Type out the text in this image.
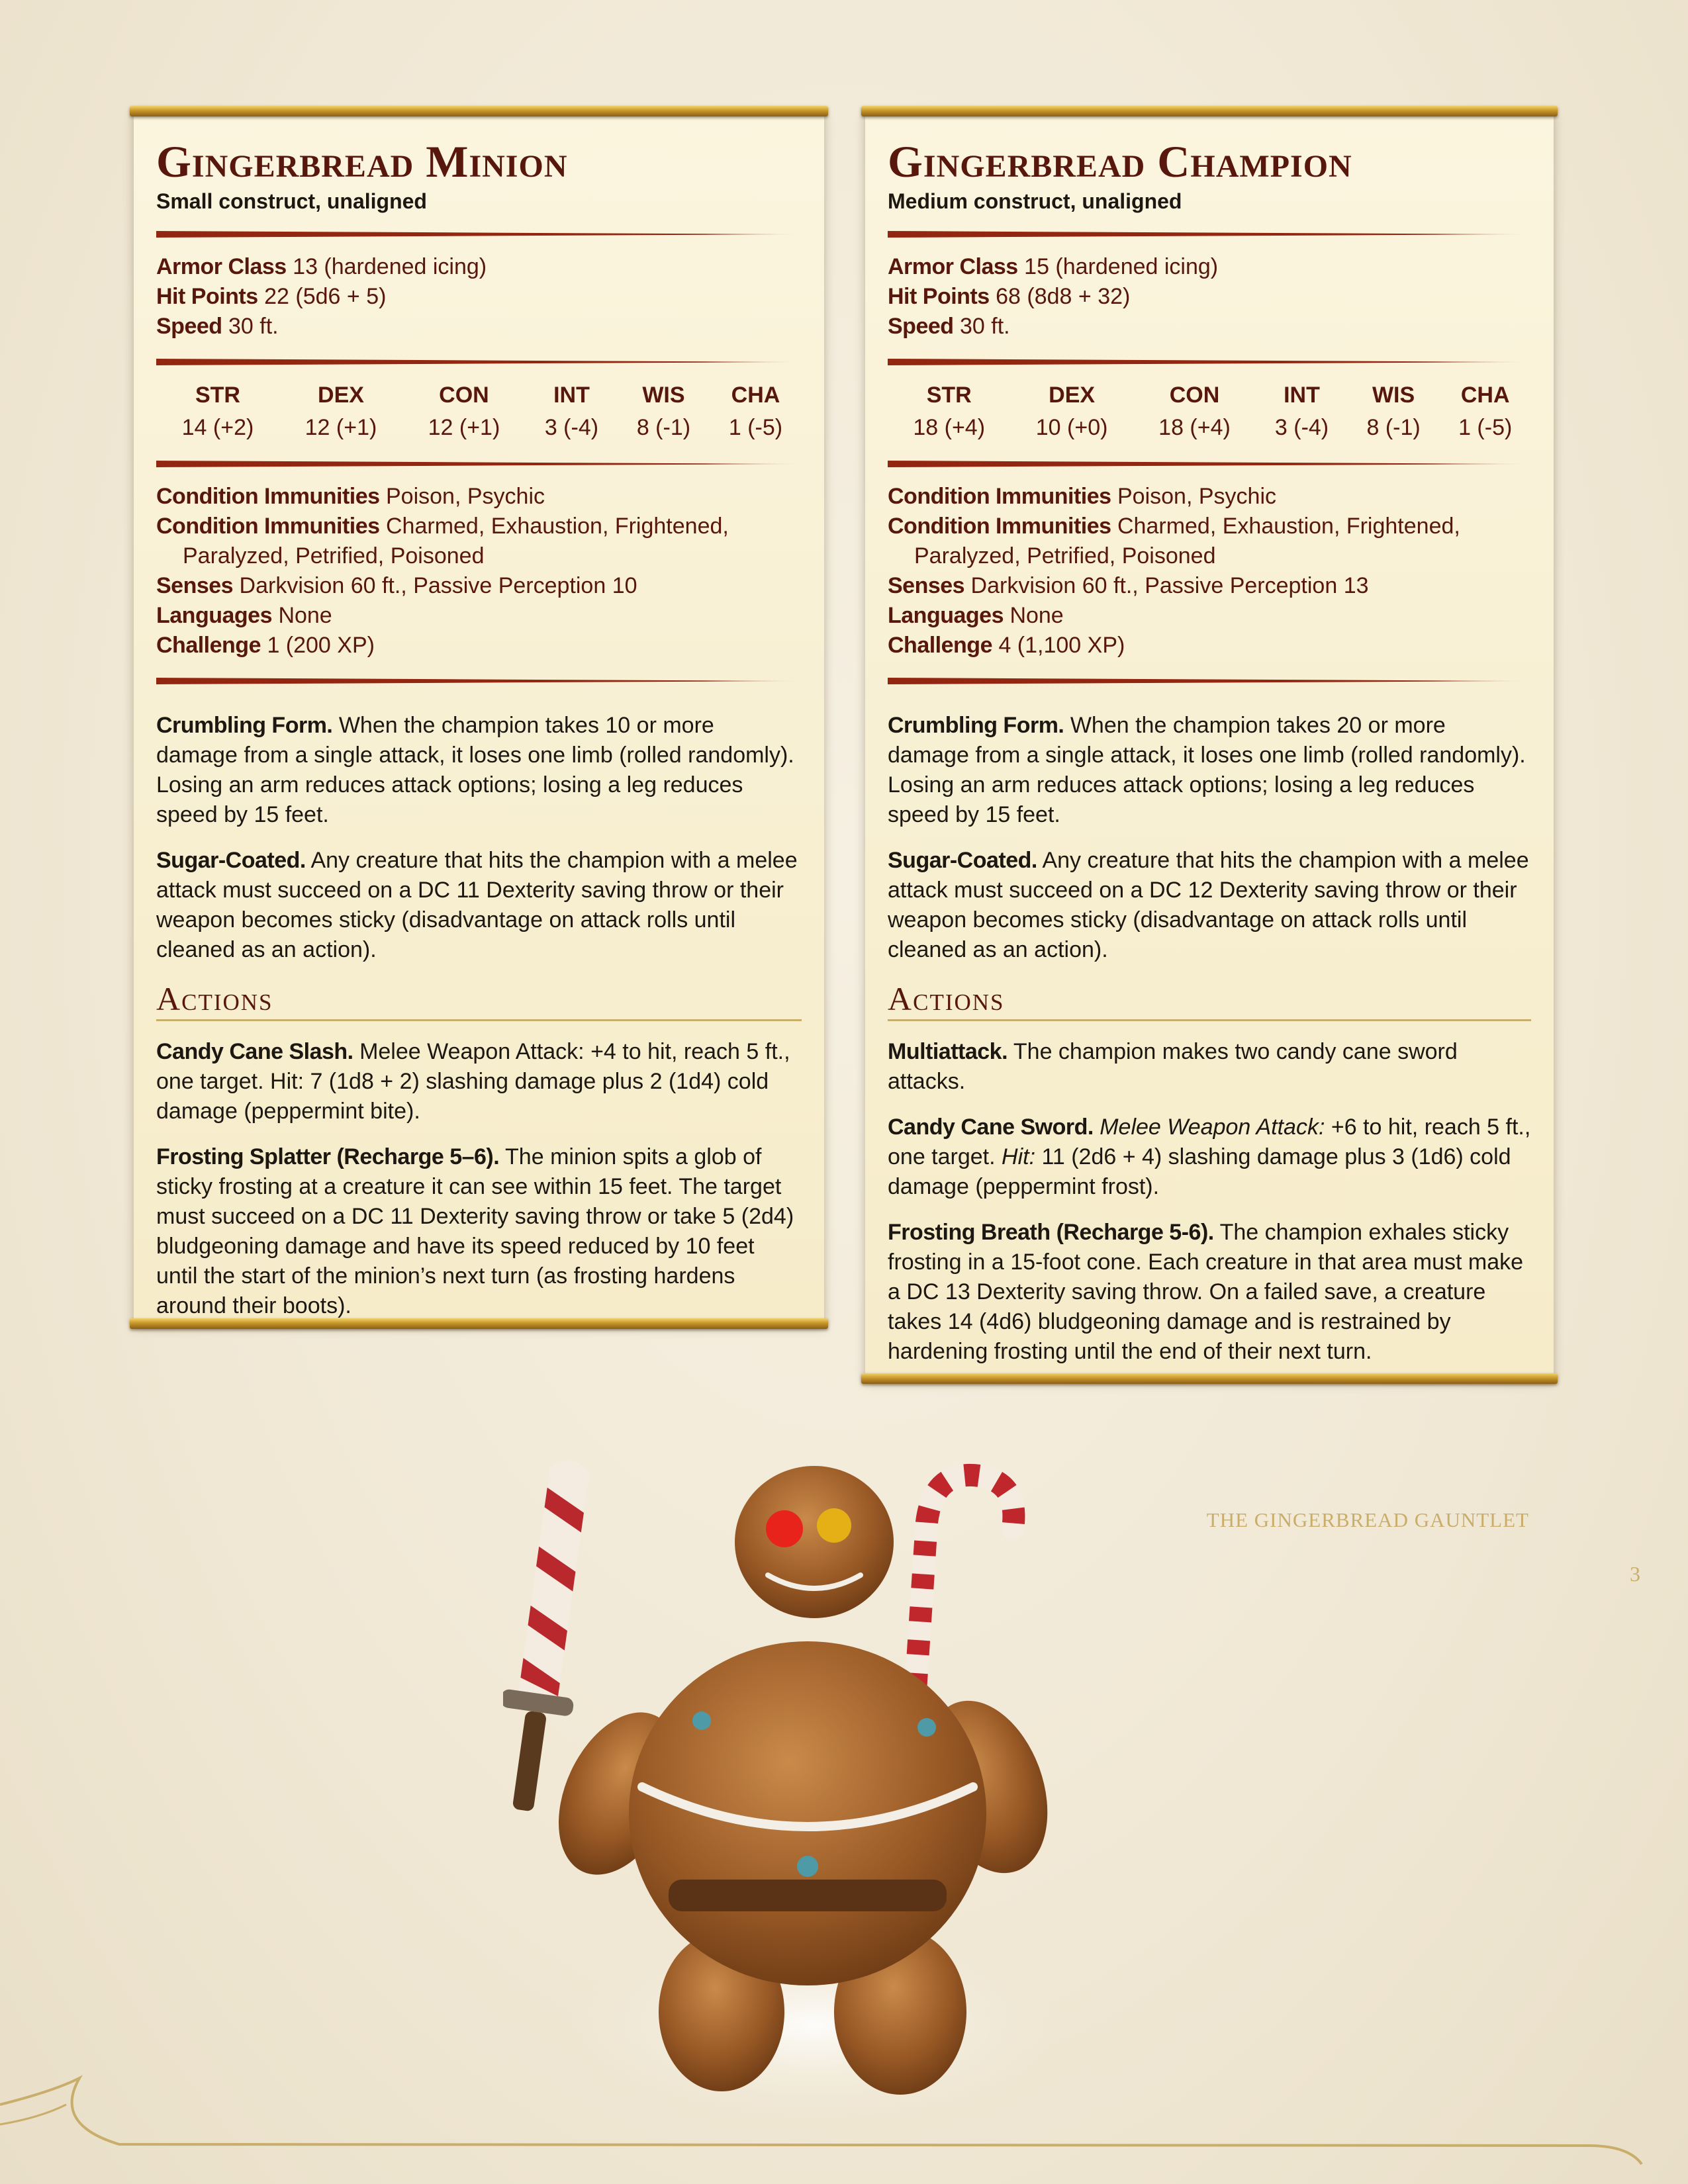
Gingerbread Minion
Small construct, unaligned
Armor Class 13 (hardened icing)
Hit Points 22 (5d6 + 5)
Speed 30 ft.
STR	DEX	CON	INT	WIS	CHA
14 (+2)	12 (+1)	12 (+1)	3 (-4)	8 (-1)	1 (-5)
Condition Immunities Poison, Psychic
Condition Immunities Charmed, Exhaustion, Frightened, Paralyzed, Petrified, Poisoned
Senses Darkvision 60 ft., Passive Perception 10
Languages None
Challenge 1 (200 XP)
Crumbling Form. When the champion takes 10 or more damage from a single attack, it loses one limb (rolled randomly). Losing an arm reduces attack options; losing a leg reduces speed by 15 feet.
Sugar-Coated. Any creature that hits the champion with a melee attack must succeed on a DC 11 Dexterity saving throw or their weapon becomes sticky (disadvantage on attack rolls until cleaned as an action).
Actions
Candy Cane Slash. Melee Weapon Attack: +4 to hit, reach 5 ft., one target. Hit: 7 (1d8 + 2) slashing damage plus 2 (1d4) cold damage (peppermint bite).
Frosting Splatter (Recharge 5–6). The minion spits a glob of sticky frosting at a creature it can see within 15 feet. The target must succeed on a DC 11 Dexterity saving throw or take 5 (2d4) bludgeoning damage and have its speed reduced by 10 feet until the start of the minion’s next turn (as frosting hardens around their boots).
Gingerbread Champion
Medium construct, unaligned
Armor Class 15 (hardened icing)
Hit Points 68 (8d8 + 32)
Speed 30 ft.
STR	DEX	CON	INT	WIS	CHA
18 (+4)	10 (+0)	18 (+4)	3 (-4)	8 (-1)	1 (-5)
Condition Immunities Poison, Psychic
Condition Immunities Charmed, Exhaustion, Frightened, Paralyzed, Petrified, Poisoned
Senses Darkvision 60 ft., Passive Perception 13
Languages None
Challenge 4 (1,100 XP)
Crumbling Form. When the champion takes 20 or more damage from a single attack, it loses one limb (rolled randomly). Losing an arm reduces attack options; losing a leg reduces speed by 15 feet.
Sugar-Coated. Any creature that hits the champion with a melee attack must succeed on a DC 12 Dexterity saving throw or their weapon becomes sticky (disadvantage on attack rolls until cleaned as an action).
Actions
Multiattack. The champion makes two candy cane sword attacks.
Candy Cane Sword. Melee Weapon Attack: +6 to hit, reach 5 ft., one target. Hit: 11 (2d6 + 4) slashing damage plus 3 (1d6) cold damage (peppermint frost).
Frosting Breath (Recharge 5-6). The champion exhales sticky frosting in a 15-foot cone. Each creature in that area must make a DC 13 Dexterity saving throw. On a failed save, a creature takes 14 (4d6) bludgeoning damage and is restrained by hardening frosting until the end of their next turn.
THE GINGERBREAD GAUNTLET
3
